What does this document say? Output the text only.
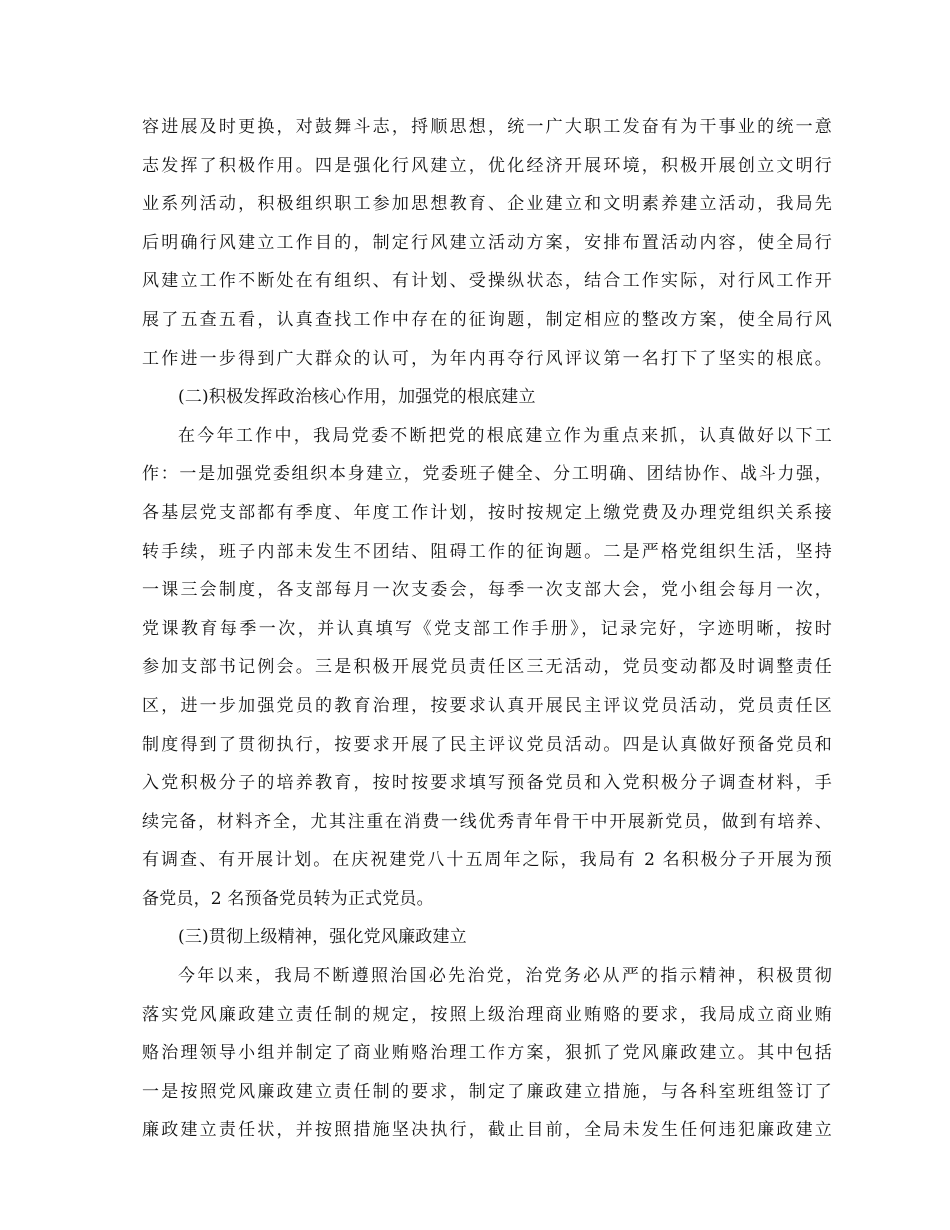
容进展及时更换，对鼓舞斗志，捋顺思想，统一广大职工发奋有为干事业的统一意
志发挥了积极作用。四是强化行风建立，优化经济开展环境，积极开展创立文明行
业系列活动，积极组织职工参加思想教育、企业建立和文明素养建立活动，我局先
后明确行风建立工作目的，制定行风建立活动方案，安排布置活动内容，使全局行
风建立工作不断处在有组织、有计划、受操纵状态，结合工作实际，对行风工作开
展了五查五看，认真查找工作中存在的征询题，制定相应的整改方案，使全局行风
工作进一步得到广大群众的认可，为年内再夺行风评议第一名打下了坚实的根底。
(二)积极发挥政治核心作用，加强党的根底建立
在今年工作中，我局党委不断把党的根底建立作为重点来抓，认真做好以下工
作：一是加强党委组织本身建立，党委班子健全、分工明确、团结协作、战斗力强，
各基层党支部都有季度、年度工作计划，按时按规定上缴党费及办理党组织关系接
转手续，班子内部未发生不团结、阻碍工作的征询题。二是严格党组织生活，坚持
一课三会制度，各支部每月一次支委会，每季一次支部大会，党小组会每月一次，
党课教育每季一次，并认真填写《党支部工作手册》，记录完好，字迹明晰，按时
参加支部书记例会。三是积极开展党员责任区三无活动，党员变动都及时调整责任
区，进一步加强党员的教育治理，按要求认真开展民主评议党员活动，党员责任区
制度得到了贯彻执行，按要求开展了民主评议党员活动。四是认真做好预备党员和
入党积极分子的培养教育，按时按要求填写预备党员和入党积极分子调查材料，手
续完备，材料齐全，尤其注重在消费一线优秀青年骨干中开展新党员，做到有培养、
有调查、有开展计划。在庆祝建党八十五周年之际，我局有 2 名积极分子开展为预
备党员，2 名预备党员转为正式党员。
(三)贯彻上级精神，强化党风廉政建立
今年以来，我局不断遵照治国必先治党，治党务必从严的指示精神，积极贯彻
落实党风廉政建立责任制的规定，按照上级治理商业贿赂的要求，我局成立商业贿
赂治理领导小组并制定了商业贿赂治理工作方案，狠抓了党风廉政建立。其中包括
一是按照党风廉政建立责任制的要求，制定了廉政建立措施，与各科室班组签订了
廉政建立责任状，并按照措施坚决执行，截止目前，全局未发生任何违犯廉政建立
